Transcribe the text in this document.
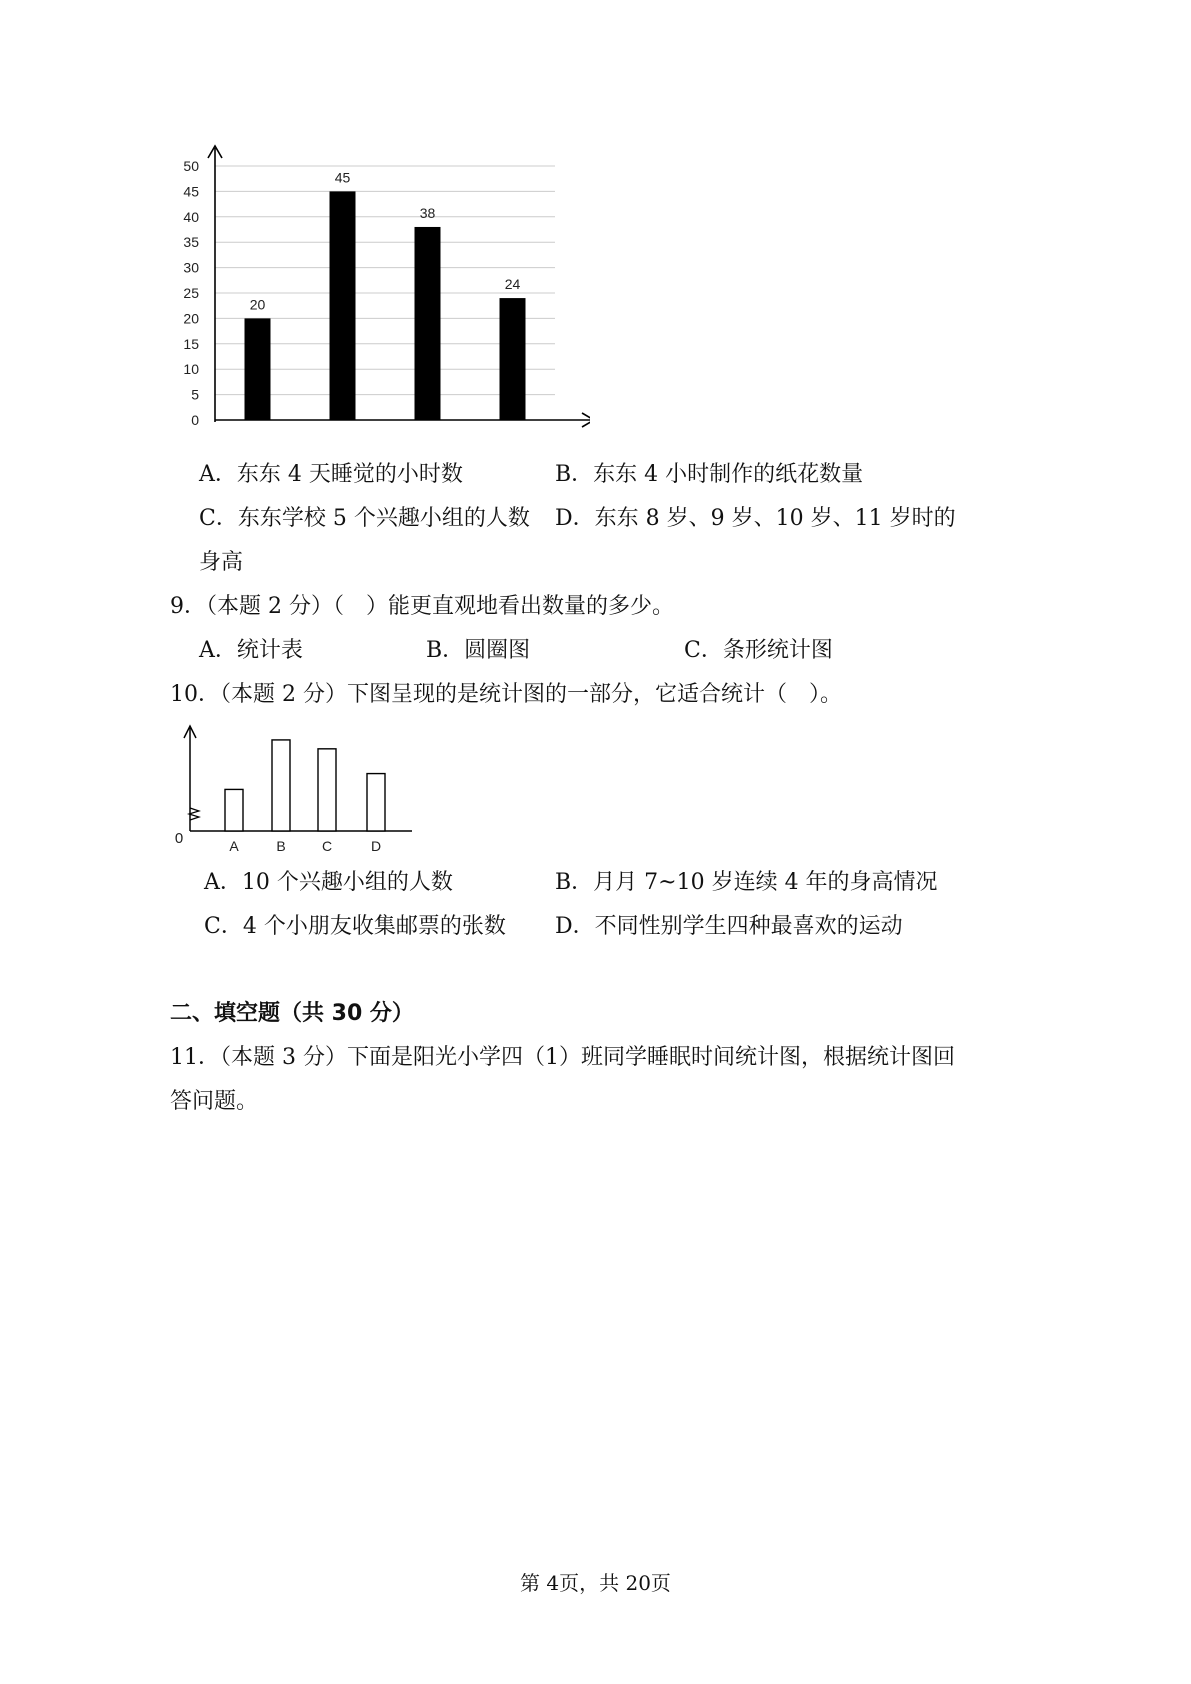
0
5
10
15
20
25
30
35
40
45
50
20
45
38
24
A．东东 4 天睡觉的小时数	B．东东 4 小时制作的纸花数量
C．东东学校 5 个兴趣小组的人数 D．东东 8 岁、9 岁、10 岁、11 岁时的
身高
9．（本题 2 分）（　）能更直观地看出数量的多少。
A．统计表	B．圆圈图	C．条形统计图
10．（本题 2 分）下图呈现的是统计图的一部分，它适合统计（　）。
0	A	B	C	D
A．10 个兴趣小组的人数	B．月月 7~10 岁连续 4 年的身高情况
C．4 个小朋友收集邮票的张数 D．不同性别学生四种最喜欢的运动
二、填空题（共 30 分）
11．（本题 3 分）下面是阳光小学四（1）班同学睡眠时间统计图，根据统计图回
答问题。
第 4页，共 20页
